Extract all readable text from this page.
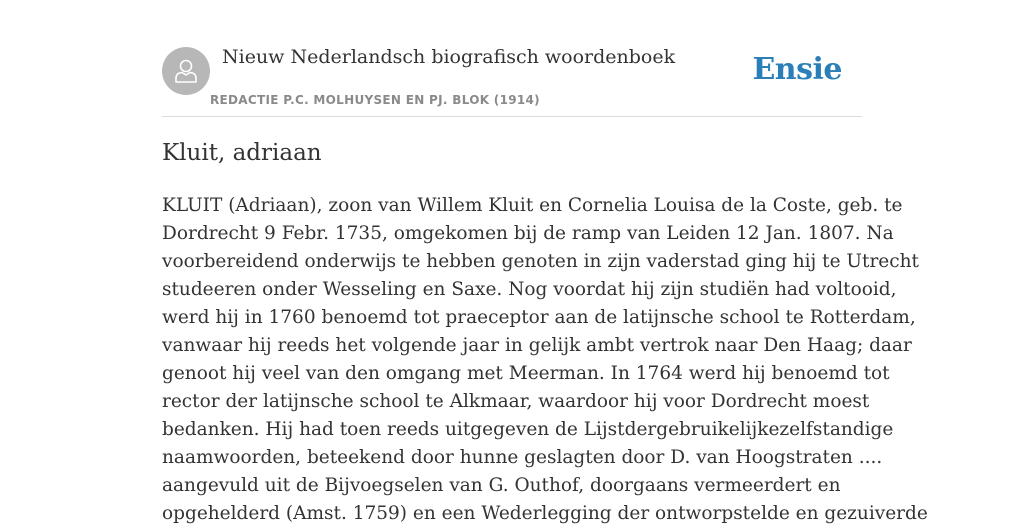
Nieuw Nederlandsch biografisch woordenboek
REDACTIE P.C. MOLHUYSEN EN PJ. BLOK (1914)
Ensie
Kluit, adriaan
KLUIT (Adriaan), zoon van Willem Kluit en Cornelia Louisa de la Coste, geb. te
Dordrecht 9 Febr. 1735, omgekomen bij de ramp van Leiden 12 Jan. 1807. Na
voorbereidend onderwijs te hebben genoten in zijn vaderstad ging hij te Utrecht
studeeren onder Wesseling en Saxe. Nog voordat hij zijn studiën had voltooid,
werd hij in 1760 benoemd tot praeceptor aan de latijnsche school te Rotterdam,
vanwaar hij reeds het volgende jaar in gelijk ambt vertrok naar Den Haag; daar
genoot hij veel van den omgang met Meerman. In 1764 werd hij benoemd tot
rector der latijnsche school te Alkmaar, waardoor hij voor Dordrecht moest
bedanken. Hij had toen reeds uitgegeven de Lijstdergebruikelijkezelfstandige
naamwoorden, beteekend door hunne geslagten door D. van Hoogstraten ....
aangevuld uit de Bijvoegselen van G. Outhof, doorgaans vermeerdert en
opgehelderd (Amst. 1759) en een Wederlegging der ontworpstelde en gezuiverde
